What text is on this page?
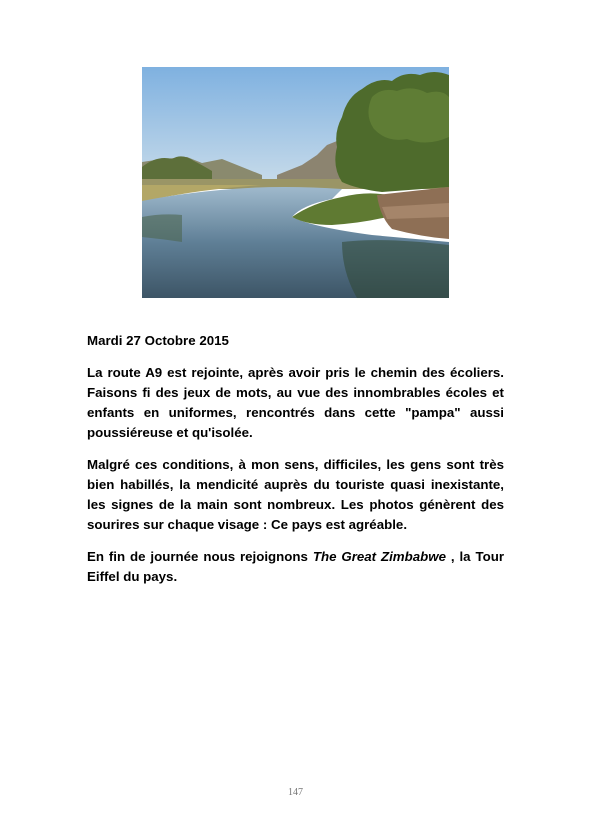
Mardi 27 Octobre 2015

La route A9 est rejointe, après avoir pris le chemin des écoliers. Faisons fi des jeux de mots, au vue des innombrables écoles et enfants en uniformes, rencontrés dans cette "pampa" aussi poussiéreuse et qu'isolée.

Malgré ces conditions, à mon sens, difficiles, les gens sont très bien habillés, la mendicité auprès du touriste quasi inexistante, les signes de la main sont nombreux. Les photos génèrent des sourires sur chaque visage : Ce pays est agréable.

En fin de journée nous rejoignons The Great Zimbabwe , la Tour Eiffel du pays.

147
